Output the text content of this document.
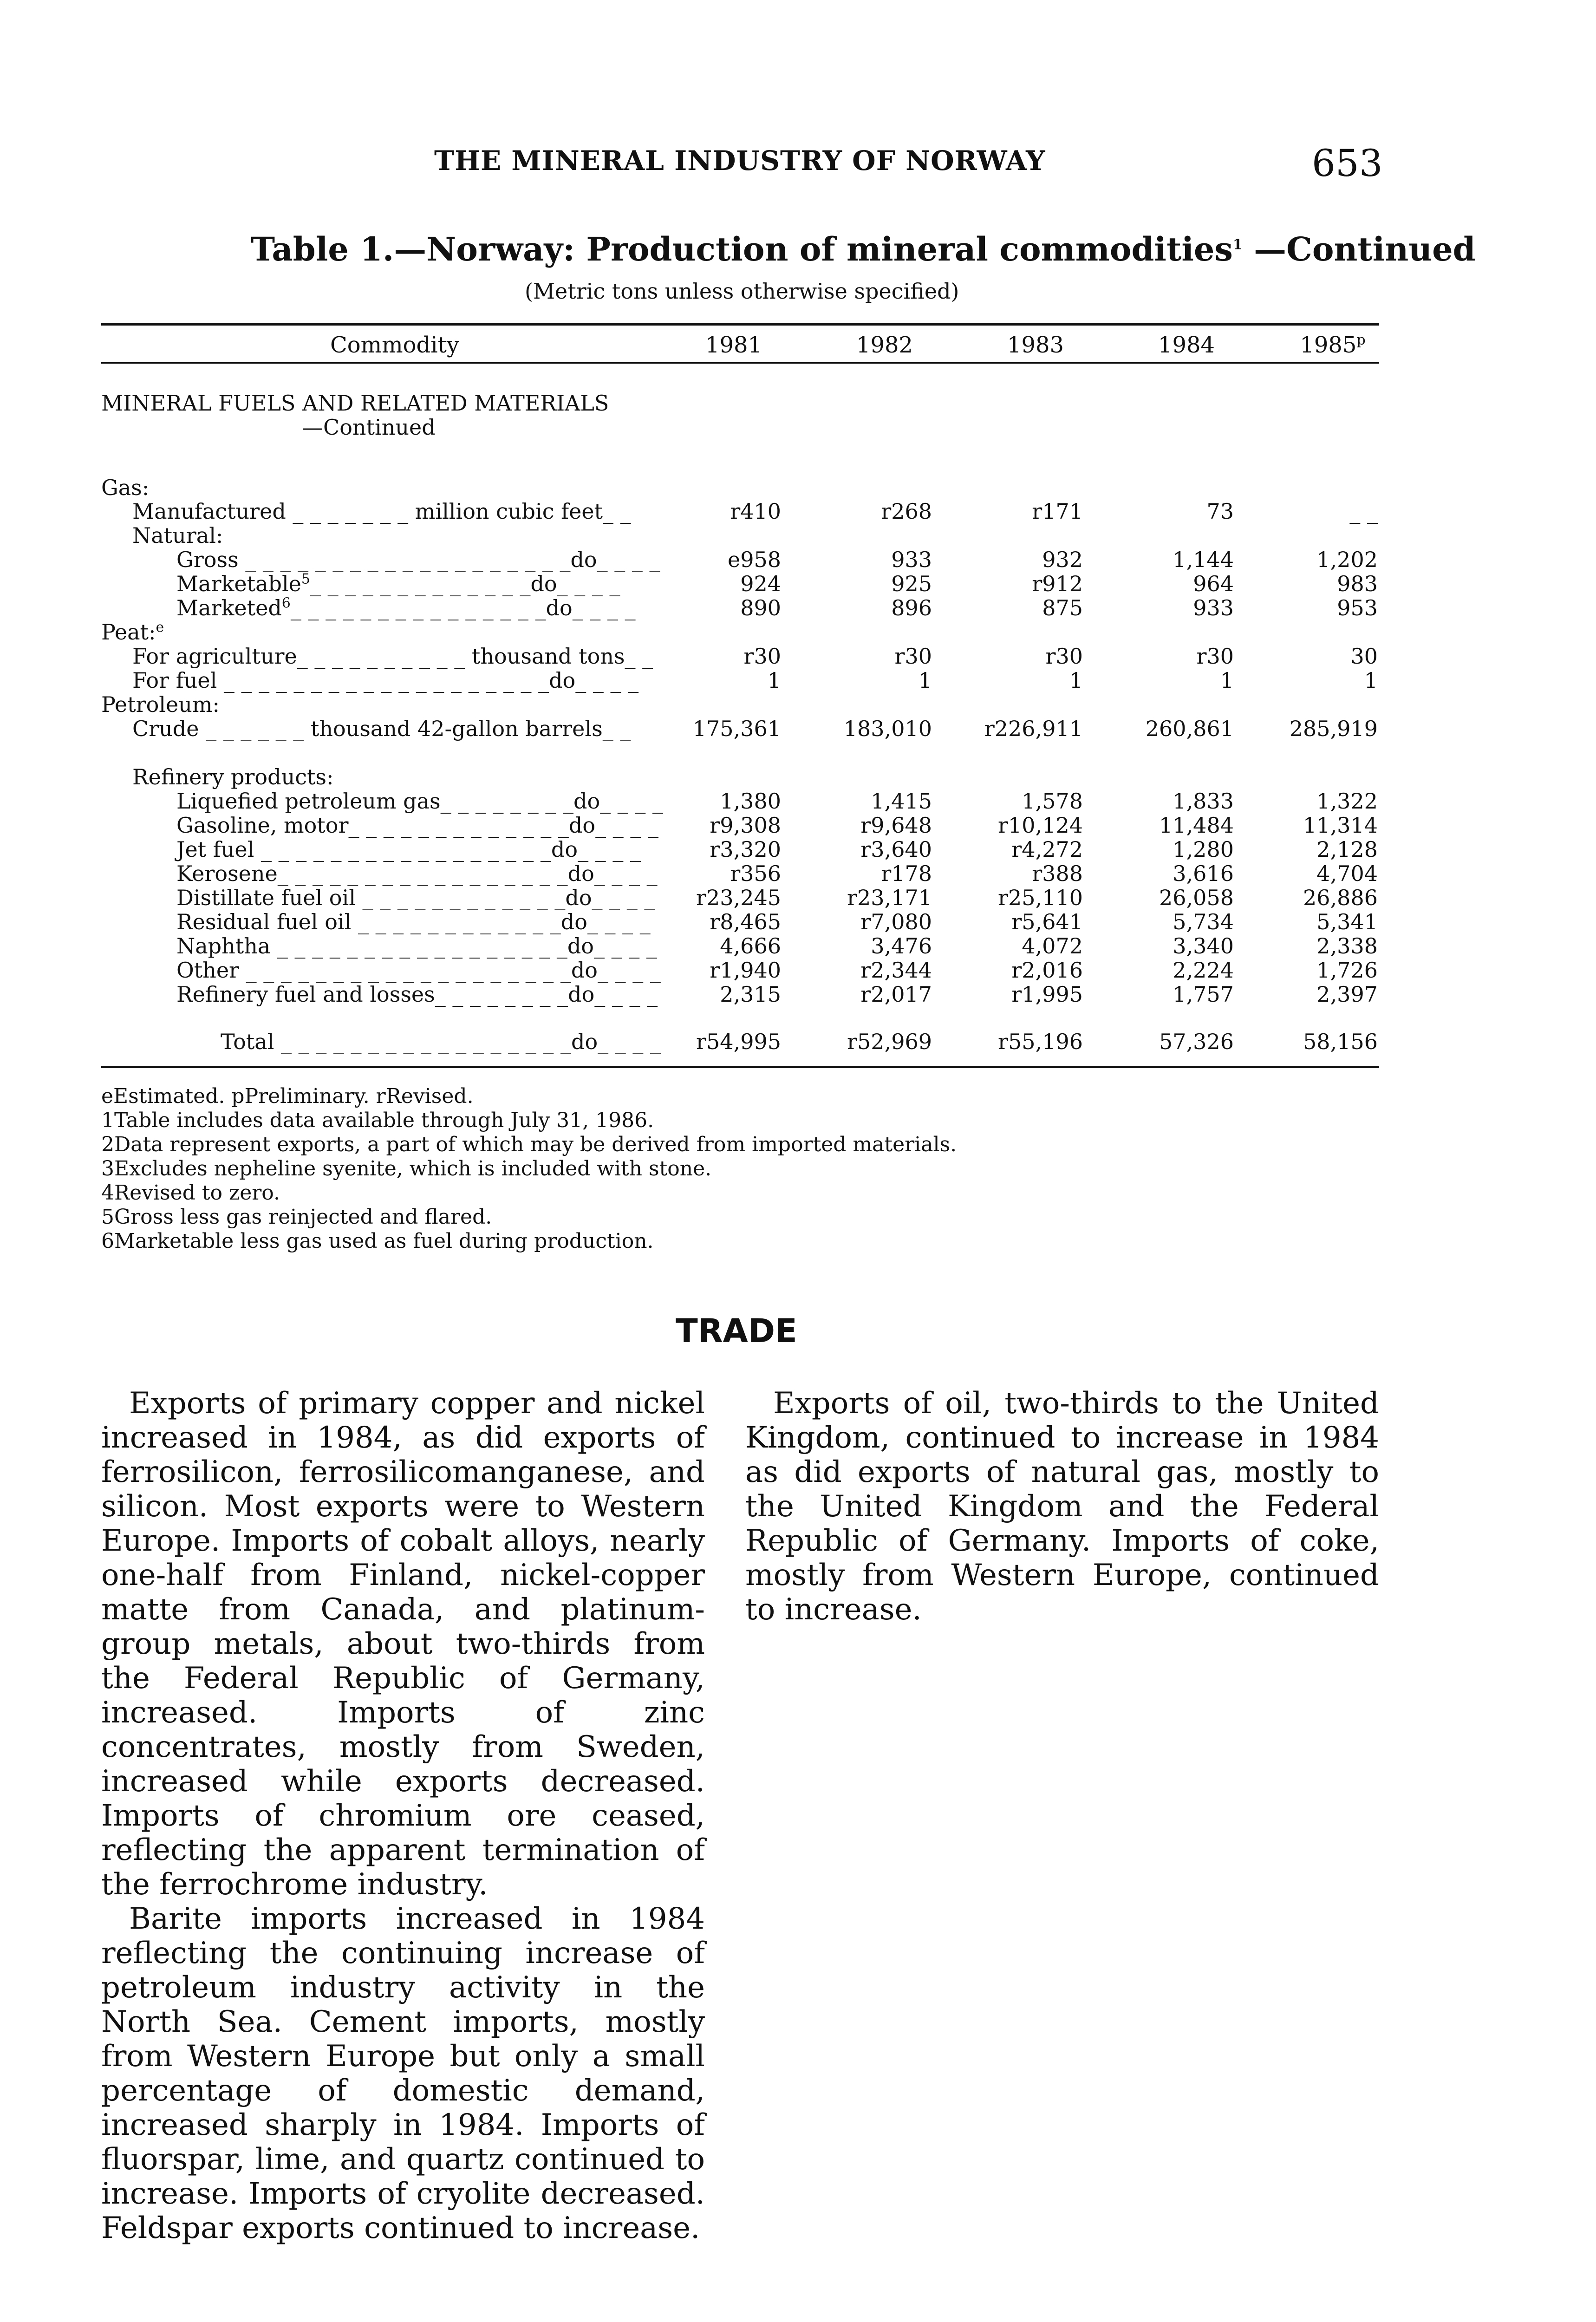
THE MINERAL INDUSTRY OF NORWAY	653
Table 1.—Norway: Production of mineral commodities$^1$ —Continued
(Metric tons unless otherwise specified)
Commodity	1981	1982	1983	1984	1985$^p$
MINERAL FUELS AND RELATED MATERIALS
—Continued
Gas:
Manufactured _ _ _ _ _ _ _ million cubic feet_ _	r410	r268	r171	73	_ _
Natural:
Gross _ _ _ _ _ _ _ _ _ _ _ _ _ _ _ _ _ _ _do_ _ _ _	e958	933	932	1,144	1,202
Marketable$^5$_ _ _ _ _ _ _ _ _ _ _ _ _do_ _ _ _	924	925	r912	964	983
Marketed$^6$_ _ _ _ _ _ _ _ _ _ _ _ _ _ _do_ _ _ _	890	896	875	933	953
Peat:$^e$
For agriculture_ _ _ _ _ _ _ _ _ _ thousand tons_ _	r30	r30	r30	r30	30
For fuel _ _ _ _ _ _ _ _ _ _ _ _ _ _ _ _ _ _ _do_ _ _ _	1	1	1	1	1
Petroleum:
Crude _ _ _ _ _ _ thousand 42-gallon barrels_ _	175,361	183,010 r226,911	260,861	285,919
Refinery products:
Liquefied petroleum gas_ _ _ _ _ _ _ _do_ _ _ _	1,380	1,415	1,578	1,833	1,322
Gasoline, motor_ _ _ _ _ _ _ _ _ _ _ _ _do_ _ _ _ r9,308	r9,648	r10,124	11,484	11,314
Jet fuel _ _ _ _ _ _ _ _ _ _ _ _ _ _ _ _ _do_ _ _ _	r3,320	r3,640	r4,272	1,280	2,128
Kerosene_ _ _ _ _ _ _ _ _ _ _ _ _ _ _ _ _do_ _ _ _	r356	r178	r388	3,616	4,704
Distillate fuel oil _ _ _ _ _ _ _ _ _ _ _ _do_ _ _ _ r23,245	r23,171	r25,110	26,058	26,886
Residual fuel oil _ _ _ _ _ _ _ _ _ _ _ _do_ _ _ _	r8,465	r7,080	r5,641	5,734	5,341
Naphtha _ _ _ _ _ _ _ _ _ _ _ _ _ _ _ _ _do_ _ _ _	4,666	3,476	4,072	3,340	2,338
Other _ _ _ _ _ _ _ _ _ _ _ _ _ _ _ _ _ _ _do_ _ _ _ r1,940	r2,344	r2,016	2,224	1,726
Refinery fuel and losses_ _ _ _ _ _ _ _do_ _ _ _	2,315	r2,017	r1,995	1,757	2,397
Total _ _ _ _ _ _ _ _ _ _ _ _ _ _ _ _ _do_ _ _ _ r54,995	r52,969	r55,196	57,326	58,156
eEstimated. pPreliminary. rRevised.
1Table includes data available through July 31, 1986.
2Data represent exports, a part of which may be derived from imported materials.
3Excludes nepheline syenite, which is included with stone.
4Revised to zero.
5Gross less gas reinjected and flared.
6Marketable less gas used as fuel during production.
TRADE

Exports of primary copper and nickel increased in 1984, as did exports of ferrosilicon, ferrosilicomanganese, and silicon. Most exports were to Western Europe. Imports of cobalt alloys, nearly one-half from Finland, nickel-copper matte from Canada, and platinum-group metals, about two-thirds from the Federal Republic of Germany, increased. Imports of zinc concentrates, mostly from Sweden, increased while exports decreased. Imports of chromium ore ceased, reflecting the apparent termination of the ferrochrome industry.

Barite imports increased in 1984 reflecting the continuing increase of petroleum industry activity in the North Sea. Cement imports, mostly from Western Europe but only a small percentage of domestic demand, increased sharply in 1984. Imports of fluorspar, lime, and quartz continued to increase. Imports of cryolite decreased. Feldspar exports continued to increase.

Exports of oil, two-thirds to the United Kingdom, continued to increase in 1984 as did exports of natural gas, mostly to the United Kingdom and the Federal Republic of Germany. Imports of coke, mostly from Western Europe, continued to increase.
